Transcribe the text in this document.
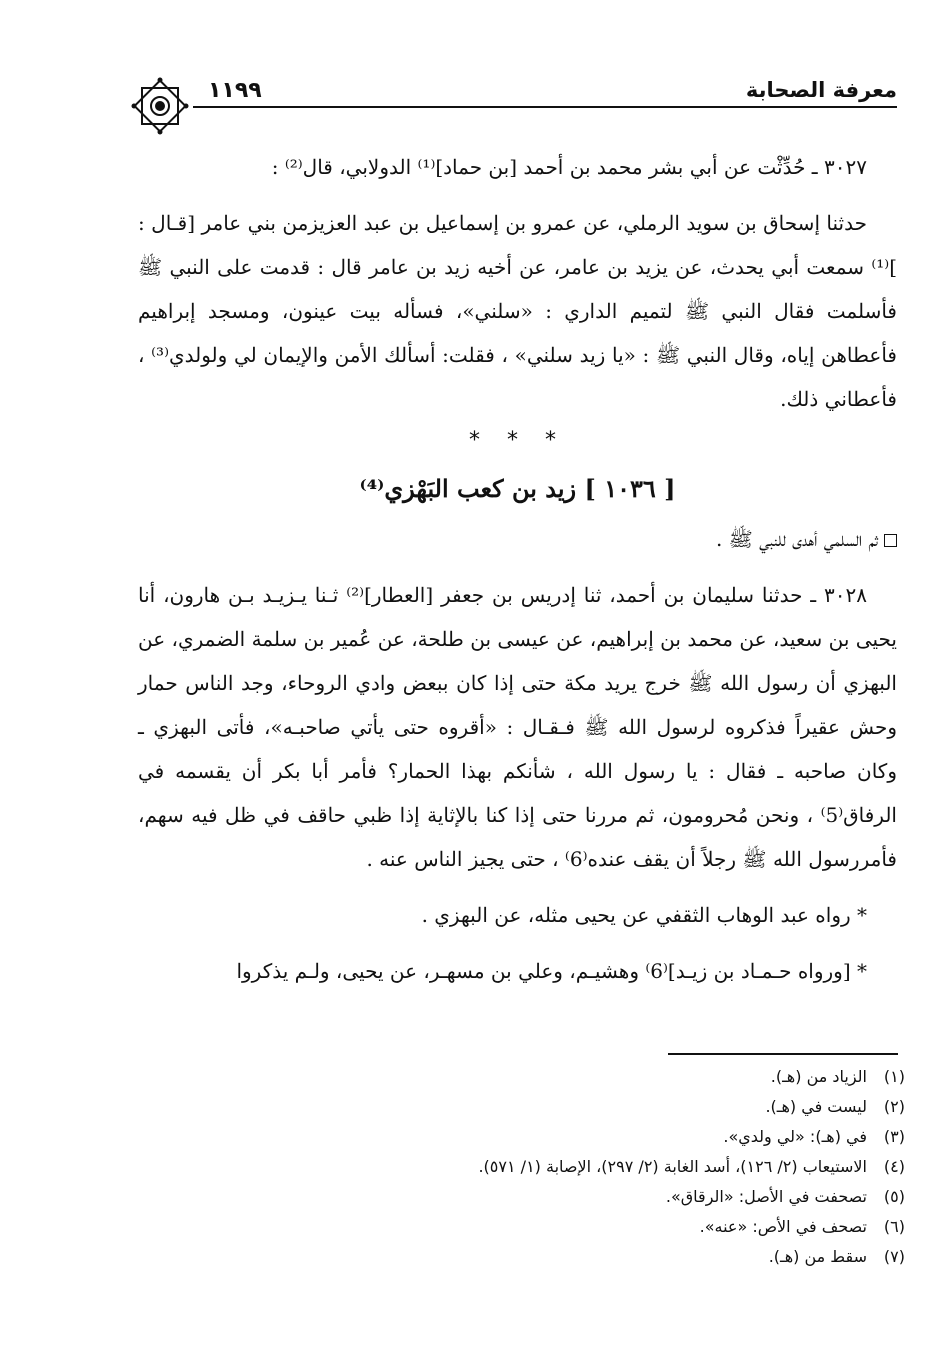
معرفة الصحابة
١١٩٩

٣٠٢٧ ـ حُدِّثْت عن أبي بشر محمد بن أحمد [بن حماد]⁽¹⁾ الدولابي، قال⁽²⁾ :

حدثنا إسحاق بن سويد الرملي، عن عمرو بن إسماعيل بن عبد العزيزمن بني عامر [قـال : ]⁽¹⁾ سمعت أبي يحدث، عن يزيد بن عامر، عن أخيه زيد بن عامر قال : قدمت على النبي ﷺ فأسلمت فقال النبي ﷺ لتميم الداري : «سلني»، فسأله بيت عينون، ومسجد إبراهيم فأعطاهن إياه، وقال النبي ﷺ : «يا زيد سلني» ، فقلت: أسألك الأمن والإيمان لي ولولدي⁽³⁾ ، فأعطاني ذلك.

* * *

[ ١٠٣٦ ] زيد بن كعب البَهْزي⁽⁴⁾

ثم السلمي أهدى للنبي ﷺ .

٣٠٢٨ ـ حدثنا سليمان بن أحمد، ثنا إدريس بن جعفر [العطار]⁽²⁾ ثـنا يـزيـد بـن هارون، أنا يحيى بن سعيد، عن محمد بن إبراهيم، عن عيسى بن طلحة، عن عُمير بن سلمة الضمري، عن البهزي أن رسول الله ﷺ خرج يريد مكة حتى إذا كان ببعض وادي الروحاء، وجد الناس حمار وحش عقيراً فذكروه لرسول الله ﷺ فـقـال : «أقروه حتى يأتي صاحبـه»، فأتى البهزي ـ وكان صاحبه ـ فقال : يا رسول الله ، شأنكم بهذا الحمار؟ فأمر أبا بكر أن يقسمه في الرفاق⁽5⁾ ، ونحن مُحرومون، ثم مررنا حتى إذا كنا بالإثاية إذا ظبي حاقف في ظل فيه سهم، فأمررسول الله ﷺ رجلاً أن يقف عنده⁽6⁾ ، حتى يجيز الناس عنه .

* رواه عبد الوهاب الثقفي عن يحيى مثله، عن البهزي .

* [ورواه حـمـاد بن زيـد]⁽6⁾ وهشيـم، وعلي بن مسهـر، عن يحيى، ولـم يذكروا

(١)الزياد من (هـ).
(٢)ليست في (هـ).
(٣)في (هـ): «لي ولدي».
(٤)الاستيعاب (٢/ ١٢٦)، أسد الغابة (٢/ ٢٩٧)، الإصابة (١/ ٥٧١).
(٥)تصحفت في الأصل: «الرقاق».
(٦)تصحف في الأص: «عنه».
(٧)سقط من (هـ).
